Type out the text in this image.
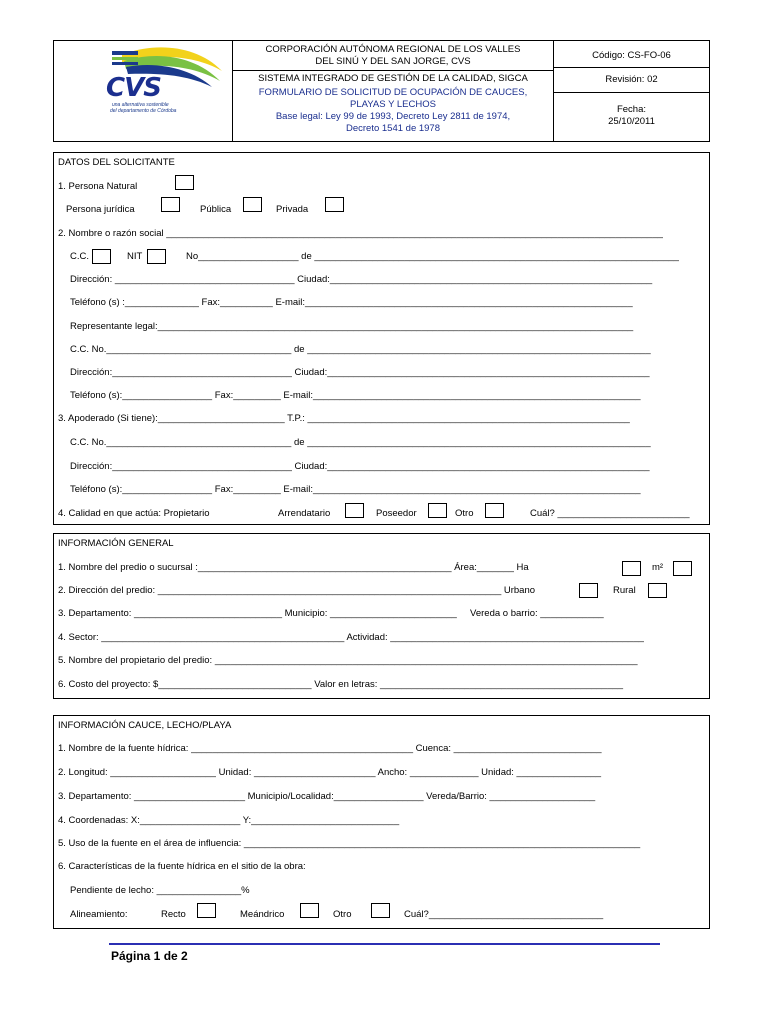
CVS
una alternativa sostenible
del departamento de Córdoba
CORPORACIÓN AUTÓNOMA REGIONAL DE LOS VALLES
DEL SINÚ Y DEL SAN JORGE, CVS
SISTEMA INTEGRADO DE GESTIÓN DE LA CALIDAD, SIGCA
FORMULARIO DE SOLICITUD DE OCUPACIÓN DE CAUCES,
PLAYAS Y LECHOS
Base legal: Ley 99 de 1993, Decreto Ley 2811 de 1974,
Decreto 1541 de 1978
Código: CS-FO-06
Revisión: 02
Fecha:
25/10/2011
DATOS DEL SOLICITANTE
1. Persona Natural
Persona jurídica	Pública	Privada
2. Nombre o razón social ______________________________________________________________________________________________
C.C.	NIT	No___________________ de _____________________________________________________________________
Dirección: __________________________________ Ciudad:_____________________________________________________________
Teléfono (s) :______________ Fax:__________ E-mail:______________________________________________________________
Representante legal:__________________________________________________________________________________________
C.C. No.___________________________________ de _________________________________________________________________
Dirección:__________________________________ Ciudad:_____________________________________________________________
Teléfono (s):_________________ Fax:_________ E-mail:______________________________________________________________
3. Apoderado (Si tiene):________________________ T.P.: _____________________________________________________________
C.C. No.___________________________________ de _________________________________________________________________
Dirección:__________________________________ Ciudad:_____________________________________________________________
Teléfono (s):_________________ Fax:_________ E-mail:______________________________________________________________
4. Calidad en que actúa: Propietario	Arrendatario	Poseedor	Otro	Cuál? _________________________
INFORMACIÓN GENERAL
1. Nombre del predio o sucursal :________________________________________________ Área:_______ Ha	m²
2. Dirección del predio: _________________________________________________________________ Urbano	Rural
3. Departamento: ____________________________ Municipio: ________________________     Vereda o barrio: ____________
4. Sector: ______________________________________________ Actividad: ________________________________________________
5. Nombre del propietario del predio: ________________________________________________________________________________
6. Costo del proyecto: $_____________________________ Valor en letras: ______________________________________________
INFORMACIÓN CAUCE, LECHO/PLAYA
1. Nombre de la fuente hídrica: __________________________________________ Cuenca: ____________________________
2. Longitud: ____________________ Unidad: _______________________ Ancho: _____________ Unidad: ________________
3. Departamento: _____________________ Municipio/Localidad:_________________ Vereda/Barrio: ____________________
4. Coordenadas: X:___________________ Y:____________________________
5. Uso de la fuente en el área de influencia: ___________________________________________________________________________
6. Características de la fuente hídrica en el sitio de la obra:
Pendiente de lecho: ________________%
Alineamiento:	Recto	Meándrico	Otro	Cuál?_________________________________
Página 1 de 2
